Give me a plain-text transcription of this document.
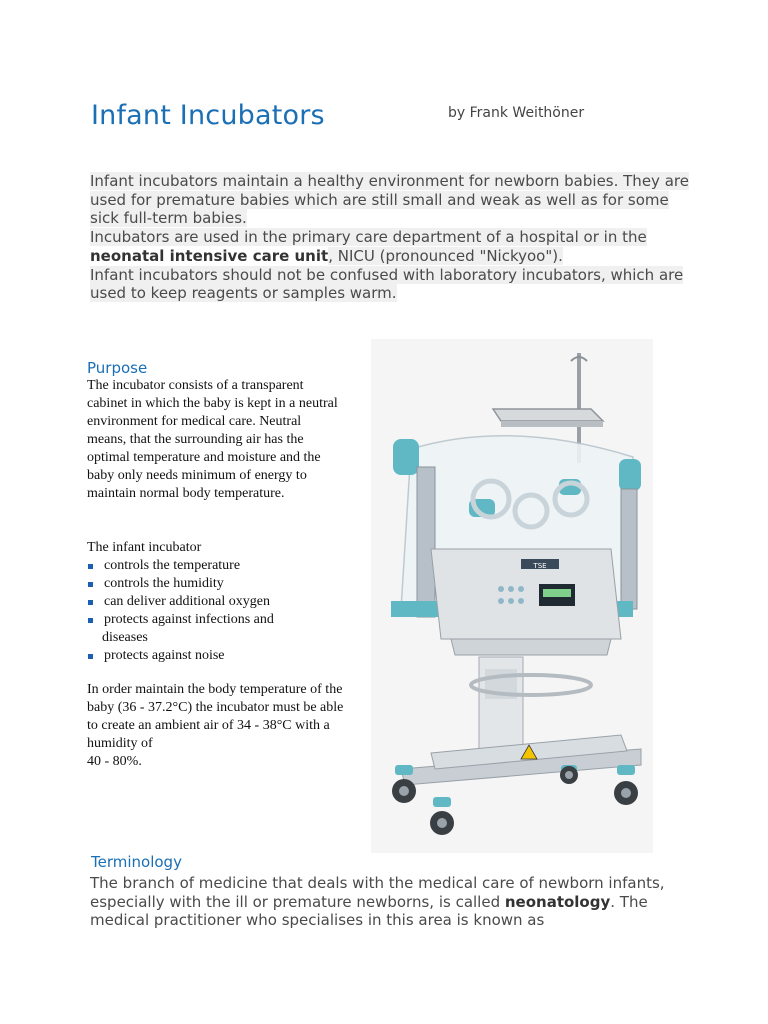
Infant Incubators	by Frank Weithöner
Infant incubators maintain a healthy environment for newborn babies. They are used for premature babies which are still small and weak as well as for some sick full-term babies.
Incubators are used in the primary care department of a hospital or in the neonatal intensive care unit, NICU (pronounced "Nickyoo").
Infant incubators should not be confused with laboratory incubators, which are used to keep reagents or samples warm.
Purpose
The incubator consists of a transparent cabinet in which the baby is kept in a neutral environment for medical care. Neutral means, that the surrounding air has the optimal temperature and moisture and the baby only needs minimum of energy to maintain normal body temperature.
The infant incubator
controls the temperature
controls the humidity
can deliver additional oxygen
protects against infections and diseases
protects against noise
In order maintain the body temperature of the baby (36 - 37.2°C) the incubator must be able to create an ambient air of 34 - 38°C with a humidity of
40 - 80%.
TSE
Terminology
The branch of medicine that deals with the medical care of newborn infants, especially with the ill or premature newborns, is called neonatology. The medical practitioner who specialises in this area is known as
